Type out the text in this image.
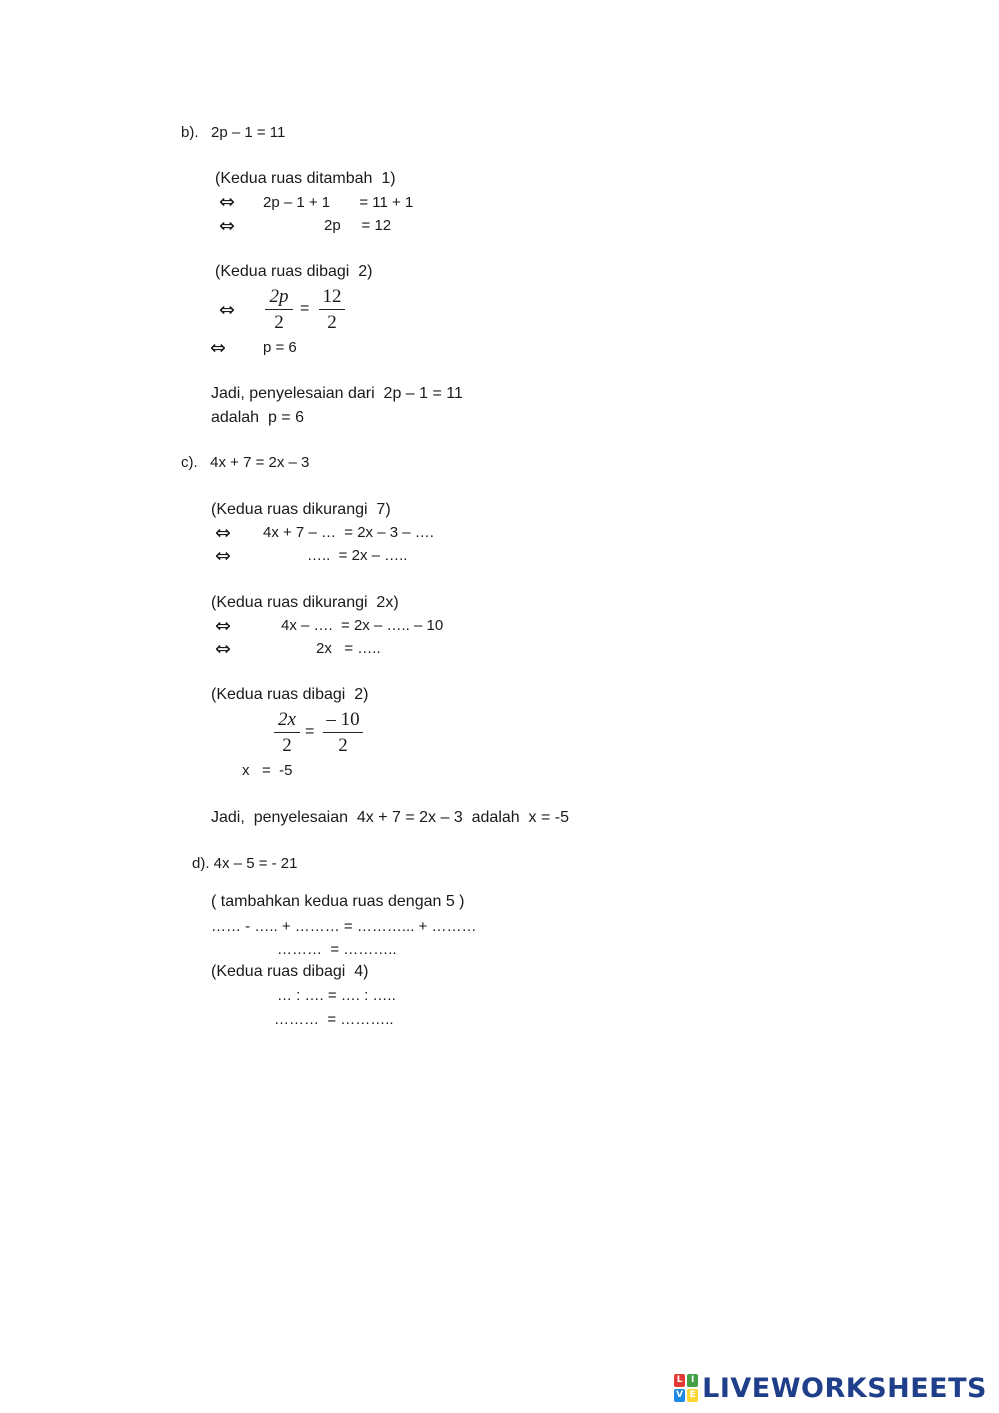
b).   2p – 1 = 11
(Kedua ruas ditambah  1)
⇔ 2p – 1 + 1       = 11 + 1
⇔	2p     = 12
(Kedua ruas dibagi  2)
⇔
2p
2
=
12
2
⇔ p = 6
Jadi, penyelesaian dari  2p – 1 = 11
adalah  p = 6
c).   4x + 7 = 2x – 3
(Kedua ruas dikurangi  7)
⇔ 4x + 7 – …  = 2x – 3 – ….
⇔	…..  = 2x – …..
(Kedua ruas dikurangi  2x)
⇔	4x – ….  = 2x – ….. – 10
⇔	2x   = …..
(Kedua ruas dibagi  2)
2x
2
=
– 10
2
x   =  -5
Jadi,  penyelesaian  4x + 7 = 2x – 3  adalah  x = -5
d). 4x – 5 = - 21
( tambahkan kedua ruas dengan 5 )
…… - ….. + ……… = ………... + ………
………  = ………..
(Kedua ruas dibagi  4)
… : …. = …. : …..
………  = ………..
L I
V E LIVEWORKSHEETS
